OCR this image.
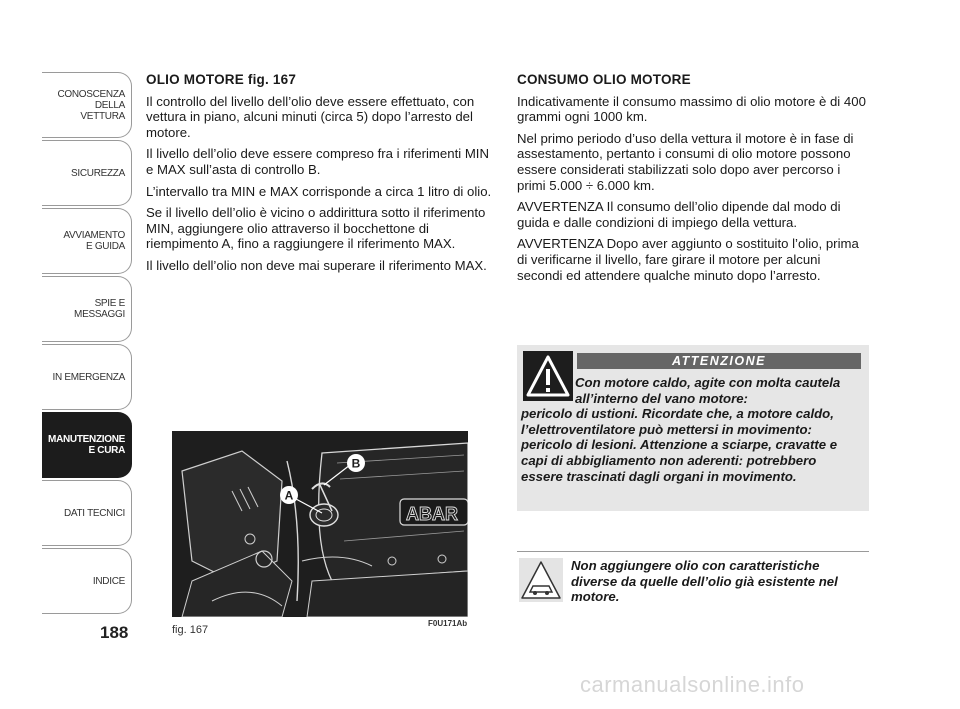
CONOSCENZA
DELLA
VETTURA
SICUREZZA
AVVIAMENTO
E GUIDA
SPIE E
MESSAGGI
IN EMERGENZA
MANUTENZIONE
E CURA
DATI TECNICI
INDICE
188
OLIO MOTORE fig. 167

Il controllo del livello dell’olio deve essere effettuato, con vettura in piano, alcuni minuti (circa 5) dopo l’arresto del motore.

Il livello dell’olio deve essere compreso fra i riferimenti MIN e MAX sull’asta di controllo B.

L’intervallo tra MIN e MAX corrisponde a circa 1 litro di olio.

Se il livello dell’olio è vicino o addirittura sotto il riferimento MIN, aggiungere olio attraverso il bocchettone di riempimento A, fino a raggiungere il riferimento MAX.

Il livello dell’olio non deve mai superare il riferimento MAX.

A
B
ABAR
fig. 167
F0U171Ab
CONSUMO OLIO MOTORE

Indicativamente il consumo massimo di olio motore è di 400 grammi ogni 1000 km.

Nel primo periodo d’uso della vettura il motore è in fase di assestamento, pertanto i consumi di olio motore possono essere considerati stabilizzati solo dopo aver percorso i primi 5.000 ÷ 6.000 km.

AVVERTENZA Il consumo dell’olio dipende dal modo di guida e dalle condizioni di impiego della vettura.

AVVERTENZA Dopo aver aggiunto o sostituito l’olio, prima di verificarne il livello, fare girare il motore per alcuni secondi ed attendere qualche minuto dopo l’arresto.

ATTENZIONE
Con motore caldo, agite con molta cautela all’interno del vano motore:
pericolo di ustioni. Ricordate che, a motore caldo, l’elettroventilatore può mettersi in movimento: pericolo di lesioni. Attenzione a sciarpe, cravatte e capi di abbigliamento non aderenti: potrebbero essere trascinati dagli organi in movimento.
Non aggiungere olio con caratteristiche diverse da quelle dell’olio già esistente nel motore.
carmanualsonline.info
